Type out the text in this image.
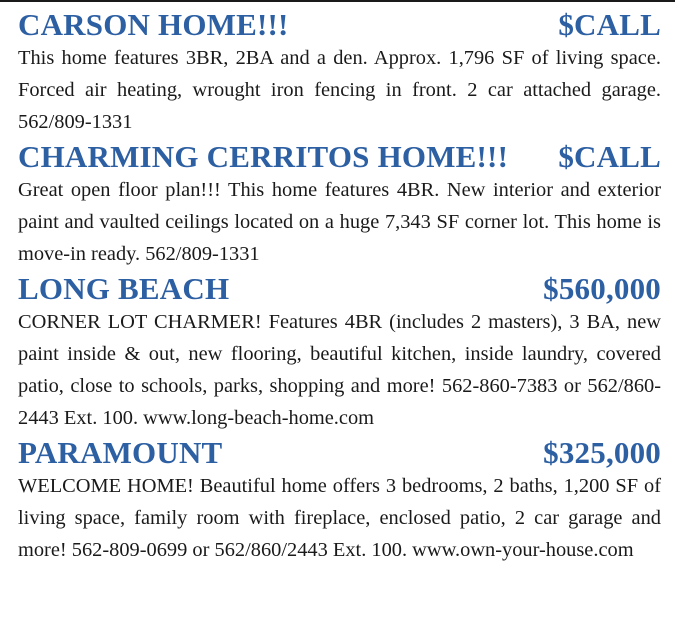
CARSON HOME!!!	$CALL

This home features 3BR, 2BA and a den. Approx. 1,796 SF of living space. Forced air heating, wrought iron fencing in front. 2 car attached garage. 562/809-1331

CHARMING CERRITOS HOME!!! $CALL

Great open floor plan!!! This home features 4BR. New interior and exterior paint and vaulted ceilings located on a huge 7,343 SF corner lot. This home is move-in ready. 562/809-1331

LONG BEACH	$560,000

CORNER LOT CHARMER! Features 4BR (includes 2 masters), 3 BA, new paint inside & out, new flooring, beautiful kitchen, inside laundry, covered patio, close to schools, parks, shopping and more! 562-860-7383 or 562/860-2443 Ext. 100. www.long-beach-home.com

PARAMOUNT	$325,000

WELCOME HOME! Beautiful home offers 3 bedrooms, 2 baths, 1,200 SF of living space, family room with fireplace, enclosed patio, 2 car garage and more! 562-809-0699 or 562/860/2443 Ext. 100. www.own-your-house.com
